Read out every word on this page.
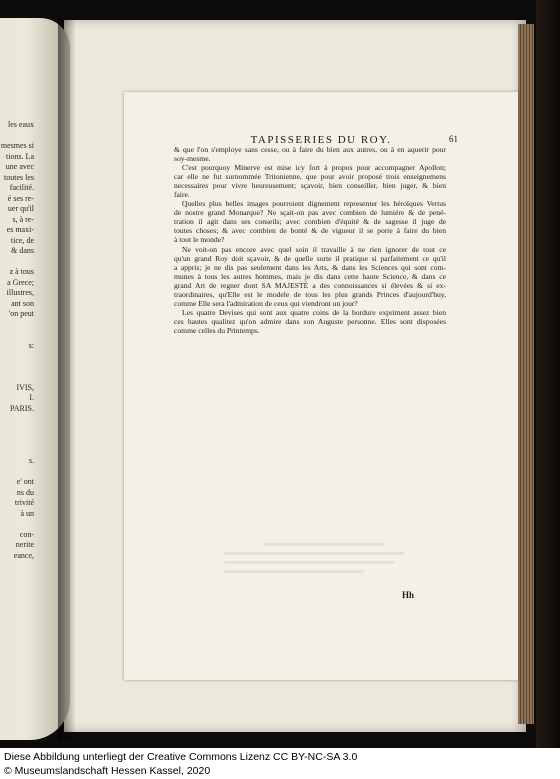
les eaux
mesmes si
tions. La
une avec
toutes les
facilité.
é ses re-
uer qu'il
s, à re-
es maxi-
tice, de
& dans
z à tous
a Grece;
illustres,
ant son
'on peut
s:
IVIS,
I.
PARIS.
s.
e' ont
ns du
trivité
à un
con-
nerite
eance,
TAPISSERIES DU ROY.	61
& que l'on s'employe sans cesse, ou à faire du bien aux autres, ou à en aquerir pour
soy-mesme.
C'est pourquoy Minerve est mise icy fort à propos pour accompagner Apollon;
car elle ne fut surnommée Tritonienne, que pour avoir proposé trois enseignemens
necessaires pour vivre heureusement; sçavoir, bien conseiller, bien juger, & bien
faire.
Quelles plus belles images pourroient dignement representer les héroïques Vertus
de nostre grand Monarque? Ne sçait-on pas avec combien de lumiére & de pené-
tration il agit dans ses conseils; avec combien d'équité & de sagesse il juge de
toutes choses; & avec combien de bonté & de vigueur il se porte à faire du bien
à tout le monde?
Ne voit-on pas encore avec quel soin il travaille à ne rien ignorer de tout ce
qu'un grand Roy doit sçavoir, & de quelle sorte il pratique si parfaitement ce qu'il
a appris; je ne dis pas seulement dans les Arts, & dans les Sciences qui sont com-
munes à tous les autres hommes, mais je dis dans cette haute Science, & dans ce
grand Art de regner dont SA MAJESTÉ a des connoissances si élevées & si ex-
traordinaires, qu'Elle est le modele de tous les plus grands Princes d'aujourd'huy,
comme Elle sera l'admiration de ceux qui viendront un jour?
Les quatre Devises qui sont aux quatre coins de la bordure expriment assez bien
ces hautes qualitez qu'on admire dans son Auguste personne. Elles sont disposées
comme celles du Printemps.
Hh
Diese Abbildung unterliegt der Creative Commons Lizenz CC BY-NC-SA 3.0
© Museumslandschaft Hessen Kassel, 2020
